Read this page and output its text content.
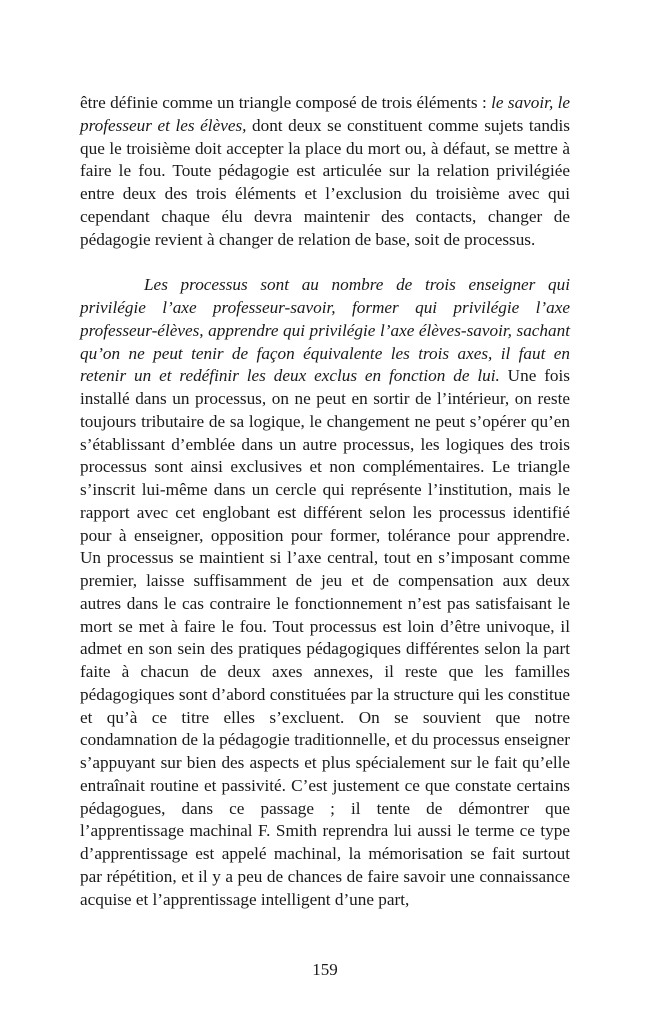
être définie comme un triangle composé de trois éléments : le savoir, le professeur et les élèves, dont deux se constituent comme sujets tandis que le troisième doit accepter la place du mort ou, à défaut, se mettre à faire le fou. Toute pédagogie est articulée sur la relation privilégiée entre deux des trois éléments et l’exclusion du troisième avec qui cependant chaque élu devra maintenir des contacts, changer de pédagogie revient à changer de relation de base, soit de processus.

Les processus sont au nombre de trois enseigner qui privilégie l’axe professeur-savoir, former qui privilégie l’axe professeur-élèves, apprendre qui privilégie l’axe élèves-savoir, sachant qu’on ne peut tenir de façon équivalente les trois axes, il faut en retenir un et redéfinir les deux exclus en fonction de lui. Une fois installé dans un processus, on ne peut en sortir de l’intérieur, on reste toujours tributaire de sa logique, le changement ne peut s’opérer qu’en s’établissant d’emblée dans un autre processus, les logiques des trois processus sont ainsi exclusives et non complémentaires. Le triangle s’inscrit lui-même dans un cercle qui représente l’institution, mais le rapport avec cet englobant est différent selon les processus identifié pour à enseigner, opposition pour former, tolérance pour apprendre. Un processus se maintient si l’axe central, tout en s’imposant comme premier, laisse suffisamment de jeu et de compensation aux deux autres dans le cas contraire le fonctionnement n’est pas satisfaisant le mort se met à faire le fou. Tout processus est loin d’être univoque, il admet en son sein des pratiques pédagogiques différentes selon la part faite à chacun de deux axes annexes, il reste que les familles pédagogiques sont d’abord constituées par la structure qui les constitue et qu’à ce titre elles s’excluent. On se souvient que notre condamnation de la pédagogie traditionnelle, et du processus enseigner s’appuyant sur bien des aspects et plus spécialement sur le fait qu’elle entraînait routine et passivité. C’est justement ce que constate certains pédagogues, dans ce passage ; il tente de démontrer que l’apprentissage machinal F. Smith reprendra lui aussi le terme ce type d’apprentissage est appelé machinal, la mémorisation se fait surtout par répétition, et il y a peu de chances de faire savoir une connaissance acquise et l’apprentissage intelligent d’une part,

159
